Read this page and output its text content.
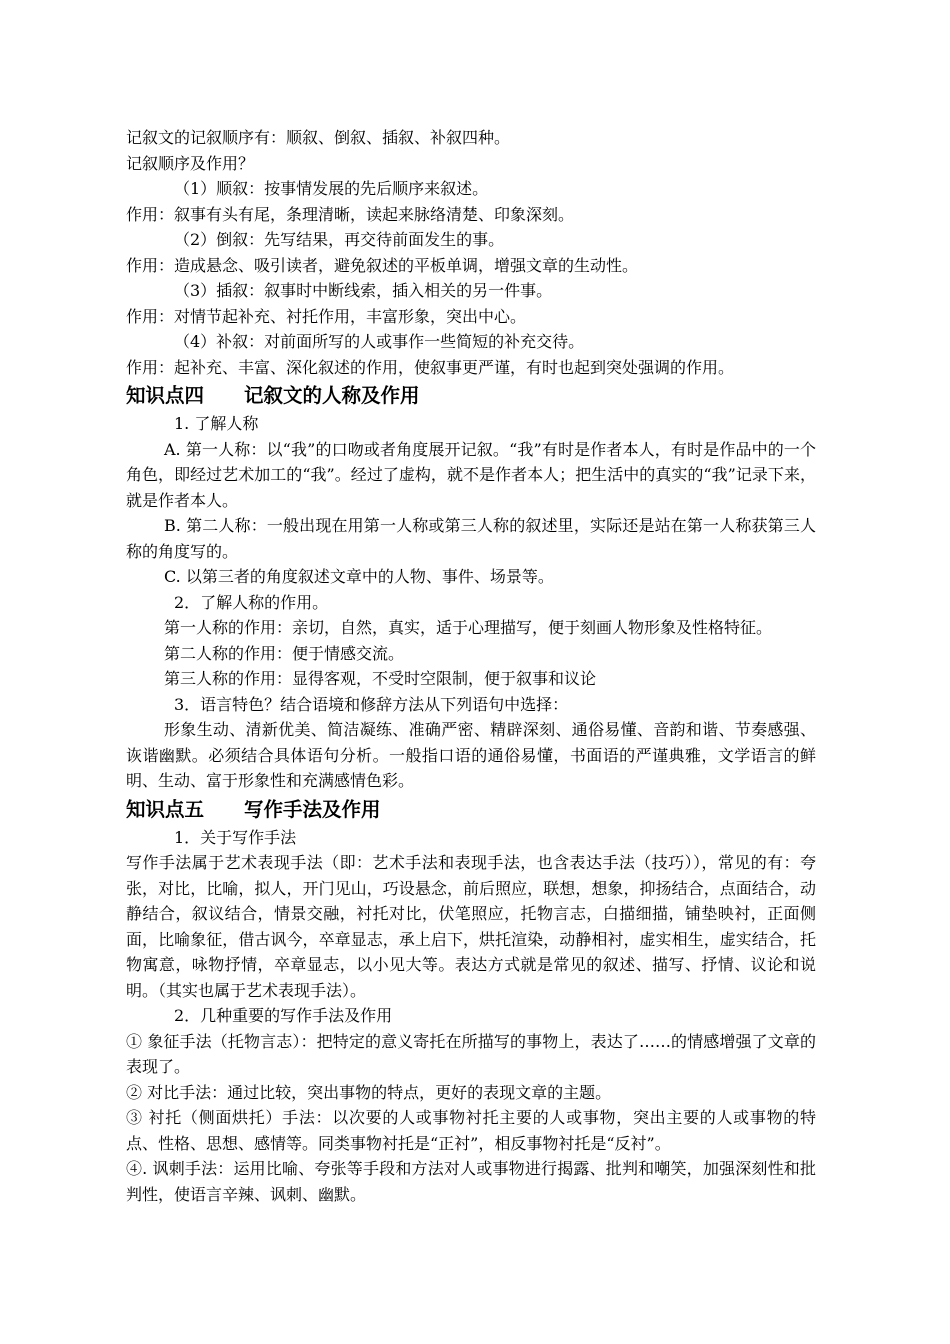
记叙文的记叙顺序有：顺叙、倒叙、插叙、补叙四种。

记叙顺序及作用？

（1）顺叙：按事情发展的先后顺序来叙述。

作用：叙事有头有尾，条理清晰，读起来脉络清楚、印象深刻。

（2）倒叙：先写结果，再交待前面发生的事。

作用：造成悬念、吸引读者，避免叙述的平板单调，增强文章的生动性。

（3）插叙：叙事时中断线索，插入相关的另一件事。

作用：对情节起补充、衬托作用，丰富形象，突出中心。

（4）补叙：对前面所写的人或事作一些简短的补充交待。

作用：起补充、丰富、深化叙述的作用，使叙事更严谨，有时也起到突处强调的作用。

知识点四 记叙文的人称及作用

1. 了解人称

A. 第一人称：以“我”的口吻或者角度展开记叙。“我”有时是作者本人，有时是作品中的一个角色，即经过艺术加工的“我”。经过了虚构，就不是作者本人；把生活中的真实的“我”记录下来，就是作者本人。

B. 第二人称：一般出现在用第一人称或第三人称的叙述里，实际还是站在第一人称获第三人称的角度写的。

C. 以第三者的角度叙述文章中的人物、事件、场景等。

2．了解人称的作用。

第一人称的作用：亲切，自然，真实，适于心理描写，便于刻画人物形象及性格特征。

第二人称的作用：便于情感交流。

第三人称的作用：显得客观，不受时空限制，便于叙事和议论

3．语言特色？结合语境和修辞方法从下列语句中选择：

形象生动、清新优美、简洁凝练、准确严密、精辟深刻、通俗易懂、音韵和谐、节奏感强、诙谐幽默。必须结合具体语句分析。一般指口语的通俗易懂，书面语的严谨典雅，文学语言的鲜明、生动、富于形象性和充满感情色彩。

知识点五 写作手法及作用

1．关于写作手法

写作手法属于艺术表现手法（即：艺术手法和表现手法，也含表达手法（技巧）），常见的有：夸张，对比，比喻，拟人，开门见山，巧设悬念，前后照应，联想，想象，抑扬结合，点面结合，动静结合，叙议结合，情景交融，衬托对比，伏笔照应，托物言志，白描细描，铺垫映衬，正面侧面，比喻象征，借古讽今，卒章显志，承上启下，烘托渲染，动静相衬，虚实相生，虚实结合，托物寓意，咏物抒情，卒章显志，以小见大等。表达方式就是常见的叙述、描写、抒情、议论和说明。（其实也属于艺术表现手法）。

2．几种重要的写作手法及作用

① 象征手法（托物言志）：把特定的意义寄托在所描写的事物上，表达了……的情感增强了文章的表现了。

② 对比手法：通过比较，突出事物的特点，更好的表现文章的主题。

③ 衬托（侧面烘托）手法：以次要的人或事物衬托主要的人或事物，突出主要的人或事物的特点、性格、思想、感情等。同类事物衬托是“正衬”，相反事物衬托是“反衬”。

④. 讽刺手法：运用比喻、夸张等手段和方法对人或事物进行揭露、批判和嘲笑，加强深刻性和批判性，使语言辛辣、讽刺、幽默。
